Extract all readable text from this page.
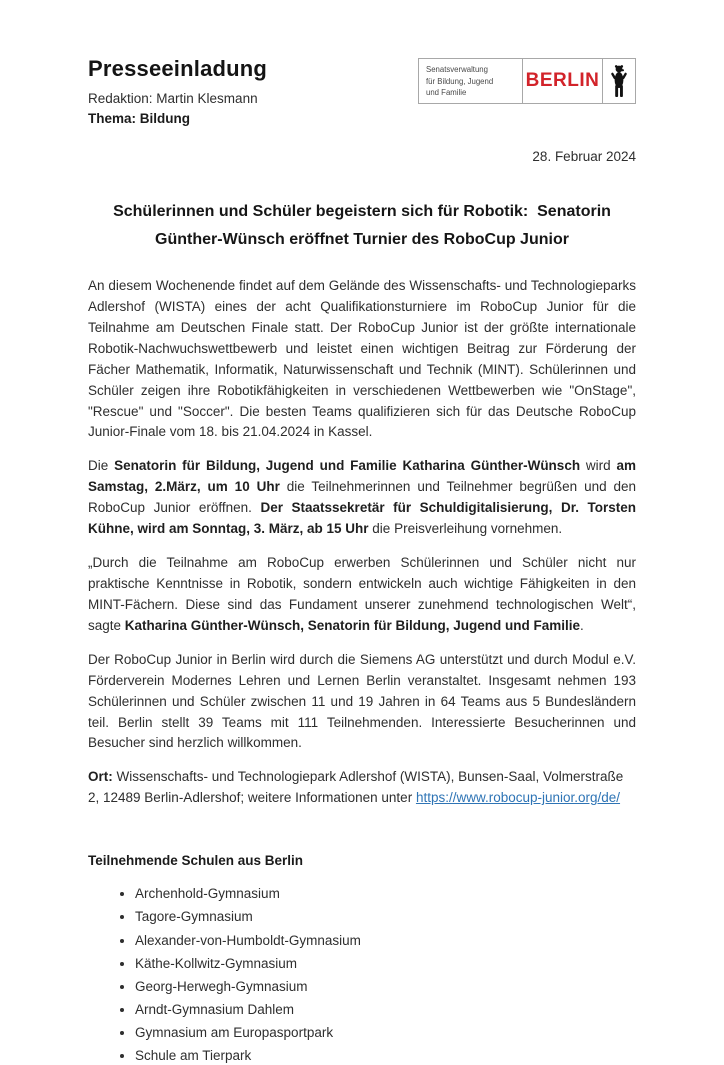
Presseeinladung

Redaktion: Martin Klesmann

Thema: Bildung

Senatsverwaltung
für Bildung, Jugend
und Familie
BERLIN
28. Februar 2024
Schülerinnen und Schüler begeistern sich für Robotik:  Senatorin Günther-Wünsch eröffnet Turnier des RoboCup Junior

An diesem Wochenende findet auf dem Gelände des Wissenschafts- und Technologieparks Adlershof (WISTA) eines der acht Qualifikationsturniere im RoboCup Junior für die Teilnahme am Deutschen Finale statt. Der RoboCup Junior ist der größte internationale Robotik-Nachwuchswettbewerb und leistet einen wichtigen Beitrag zur Förderung der Fächer Mathematik, Informatik, Naturwissenschaft und Technik (MINT). Schülerinnen und Schüler zeigen ihre Robotikfähigkeiten in verschiedenen Wettbewerben wie "OnStage", "Rescue" und "Soccer". Die besten Teams qualifizieren sich für das Deutsche RoboCup Junior-Finale vom 18. bis 21.04.2024 in Kassel.

Die Senatorin für Bildung, Jugend und Familie Katharina Günther-Wünsch wird am Samstag, 2.März, um 10 Uhr die Teilnehmerinnen und Teilnehmer begrüßen und den RoboCup Junior eröffnen. Der Staatssekretär für Schuldigitalisierung, Dr. Torsten Kühne, wird am Sonntag, 3. März, ab 15 Uhr die Preisverleihung vornehmen.

„Durch die Teilnahme am RoboCup erwerben Schülerinnen und Schüler nicht nur praktische Kenntnisse in Robotik, sondern entwickeln auch wichtige Fähigkeiten in den MINT-Fächern. Diese sind das Fundament unserer zunehmend technologischen Welt“, sagte Katharina Günther-Wünsch, Senatorin für Bildung, Jugend und Familie.

Der RoboCup Junior in Berlin wird durch die Siemens AG unterstützt und durch Modul e.V. Förderverein Modernes Lehren und Lernen Berlin veranstaltet. Insgesamt nehmen 193 Schülerinnen und Schüler zwischen 11 und 19 Jahren in 64 Teams aus 5 Bundesländern teil. Berlin stellt 39 Teams mit 111 Teilnehmenden. Interessierte Besucherinnen und Besucher sind herzlich willkommen.

Ort: Wissenschafts- und Technologiepark Adlershof (WISTA), Bunsen-Saal, Volmerstraße 2, 12489 Berlin-Adlershof; weitere Informationen unter https://www.robocup-junior.org/de/

Teilnehmende Schulen aus Berlin
• Archenhold-Gymnasium
• Tagore-Gymnasium
• Alexander-von-Humboldt-Gymnasium
• Käthe-Kollwitz-Gymnasium
• Georg-Herwegh-Gymnasium
• Arndt-Gymnasium Dahlem
• Gymnasium am Europasportpark
• Schule am Tierpark
